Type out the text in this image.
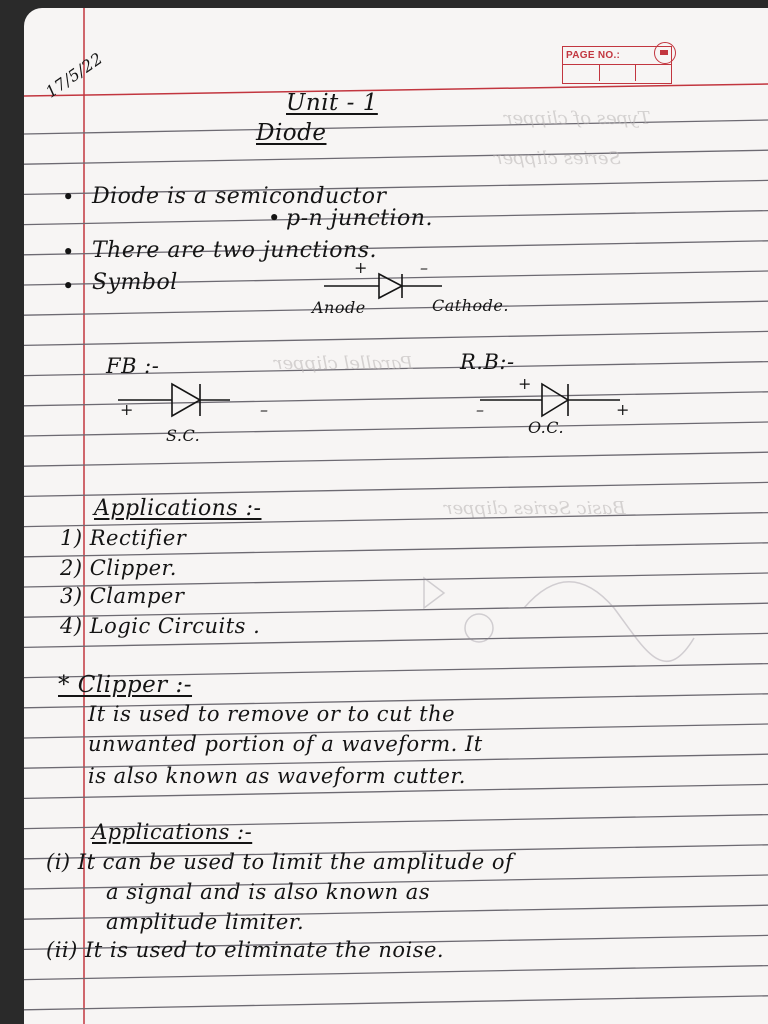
PAGE NO.:
Types of clipper
Series clipper
Parallel clipper
Basic Series clipper
17/5/22
Unit - 1
Diode
• Diode is a semiconductor
• p-n junction.
• There are two junctions.
• Symbol
+	–
Anode	Cathode.
FB :-	R.B:-
+	–
S.C.
+
–	+
O.C.
Applications :-
1) Rectifier
2) Clipper.
3) Clamper
4) Logic Circuits .
* Clipper :-
It is used to remove or to cut the
unwanted portion of a waveform. It
is also known as waveform cutter.
Applications :-
(i) It can be used to limit the amplitude of
a signal and is also known as
amplitude limiter.
(ii) It is used to eliminate the noise.
